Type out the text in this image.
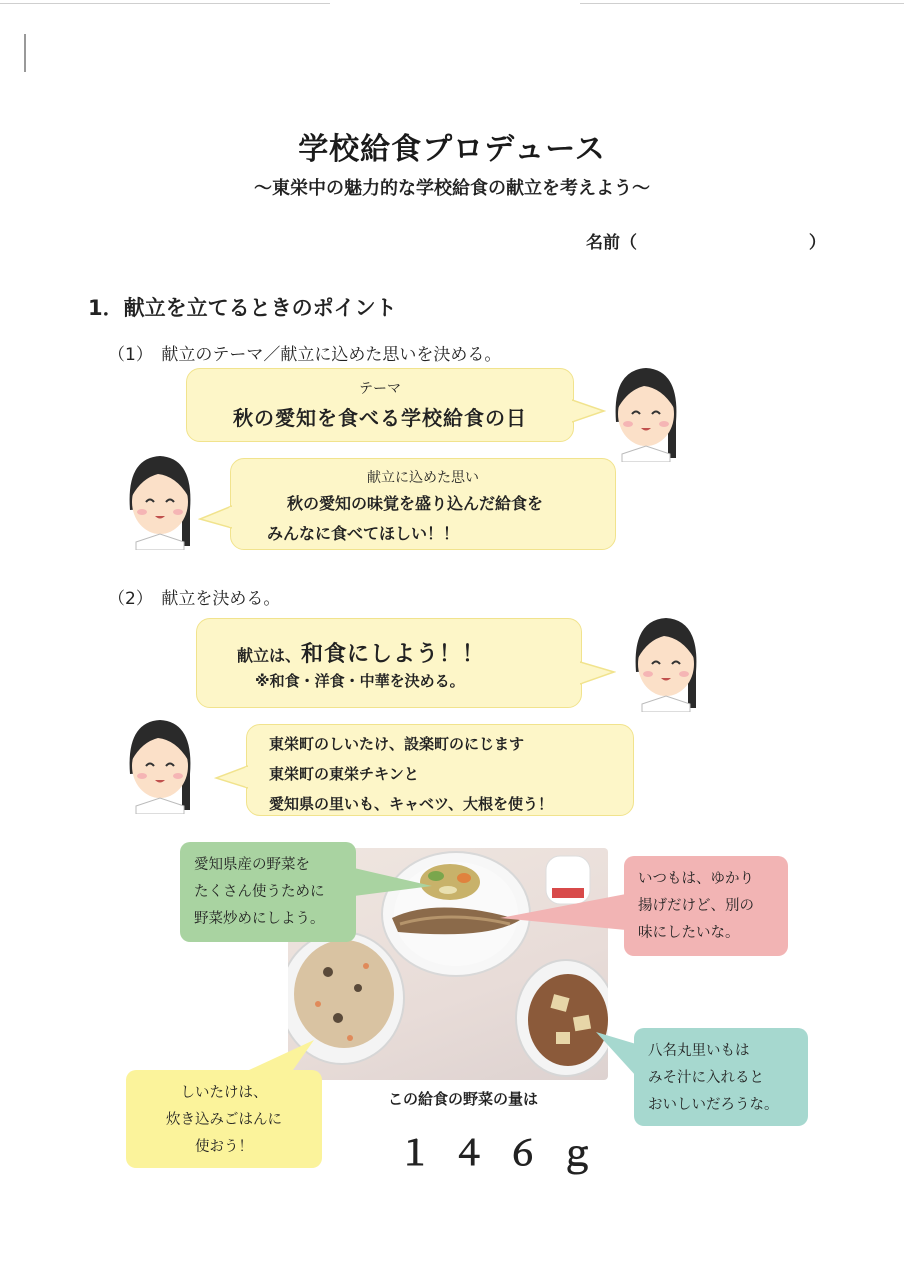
学校給食プロデュース
～東栄中の魅力的な学校給食の献立を考えよう～
名前（	）
1．献立を立てるときのポイント
（1）　献立のテーマ／献立に込めた思いを決める。
テーマ
秋の愛知を食べる学校給食の日
献立に込めた思い
秋の愛知の味覚を盛り込んだ給食を
みんなに食べてほしい！！
（2）　献立を決める。
献立は、和食にしよう！！
※和食・洋食・中華を決める。
東栄町のしいたけ、設楽町のにじます
東栄町の東栄チキンと
愛知県の里いも、キャベツ、大根を使う！
愛知県産の野菜を
たくさん使うために
野菜炒めにしよう。
いつもは、ゆかり
揚げだけど、別の
味にしたいな。
八名丸里いもは
みそ汁に入れると
おいしいだろうな。
しいたけは、
炊き込みごはんに
使おう！
この給食の野菜の量は
１４６ｇ
